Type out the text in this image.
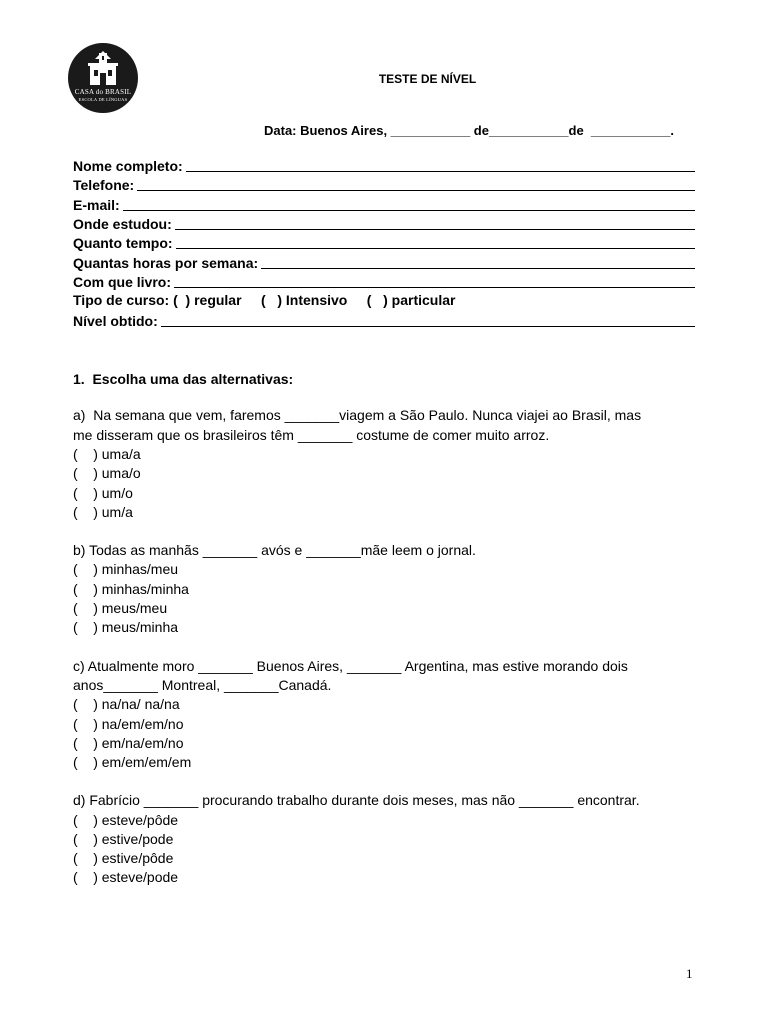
CASA do BRASIL
ESCOLA DE LÍNGUAS
TESTE DE NÍVEL
Data: Buenos Aires, ___________ de___________de  ___________.
Nome completo:
Telefone:
E-mail:
Onde estudou:
Quanto tempo:
Quantas horas por semana:
Com que livro:
Tipo de curso: (  ) regular     (   ) Intensivo     (   ) particular
Nível obtido:
1.  Escolha uma das alternativas:
a)  Na semana que vem, faremos _______viagem a São Paulo. Nunca viajei ao Brasil, mas
me disseram que os brasileiros têm _______ costume de comer muito arroz.
(    ) uma/a
(    ) uma/o
(    ) um/o
(    ) um/a
b) Todas as manhãs _______ avós e _______mãe leem o jornal.
(    ) minhas/meu
(    ) minhas/minha
(    ) meus/meu
(    ) meus/minha
c) Atualmente moro _______ Buenos Aires, _______ Argentina, mas estive morando dois
anos_______ Montreal, _______Canadá.
(    ) na/na/ na/na
(    ) na/em/em/no
(    ) em/na/em/no
(    ) em/em/em/em
d) Fabrício _______ procurando trabalho durante dois meses, mas não _______ encontrar.
(    ) esteve/pôde
(    ) estive/pode
(    ) estive/pôde
(    ) esteve/pode
1
